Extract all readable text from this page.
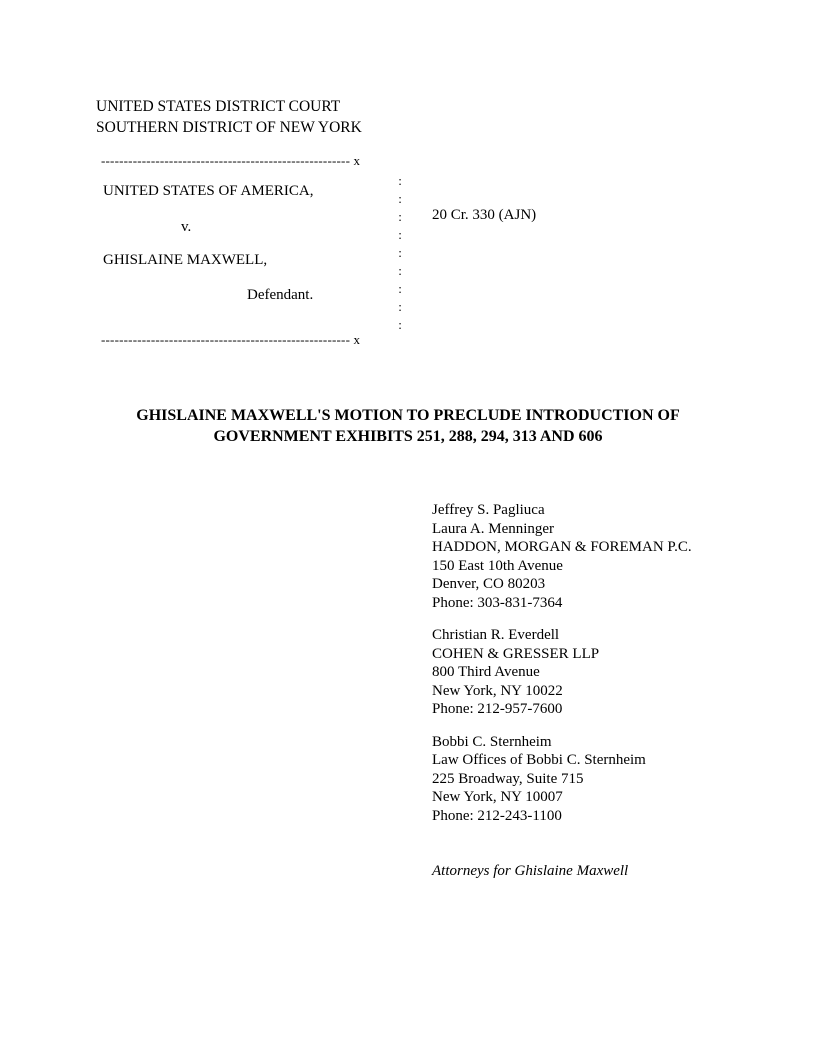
UNITED STATES DISTRICT COURT
SOUTHERN DISTRICT OF NEW YORK
------------------------------------------------------- x
:
:
:
:
:
:
:
:
:
UNITED STATES OF AMERICA,
v.
GHISLAINE MAXWELL,
Defendant.
20 Cr. 330 (AJN)
------------------------------------------------------- x
GHISLAINE MAXWELL'S MOTION TO PRECLUDE INTRODUCTION OF
GOVERNMENT EXHIBITS 251, 288, 294, 313 AND 606
Jeffrey S. Pagliuca
Laura A. Menninger
HADDON, MORGAN & FOREMAN P.C.
150 East 10th Avenue
Denver, CO 80203
Phone: 303-831-7364
Christian R. Everdell
COHEN & GRESSER LLP
800 Third Avenue
New York, NY 10022
Phone: 212-957-7600
Bobbi C. Sternheim
Law Offices of Bobbi C. Sternheim
225 Broadway, Suite 715
New York, NY 10007
Phone: 212-243-1100
Attorneys for Ghislaine Maxwell
